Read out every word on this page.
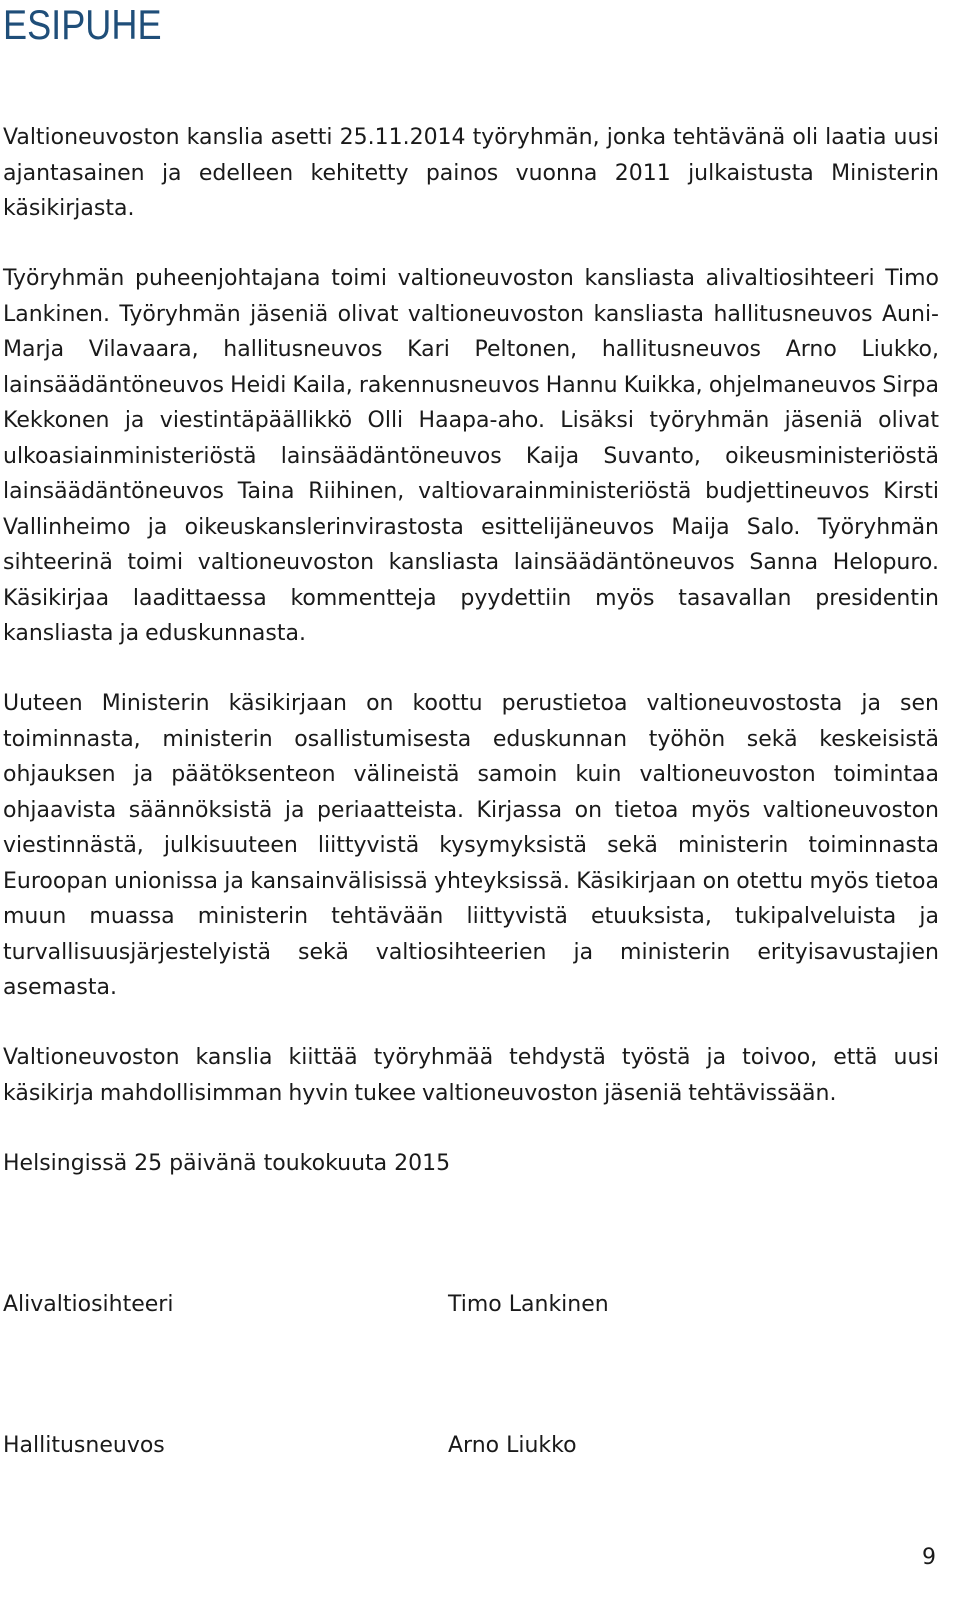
ESIPUHE

Valtioneuvoston kanslia asetti 25.11.2014 työryhmän, jonka tehtävänä oli laatia uusi ajantasainen ja edelleen kehitetty painos vuonna 2011 julkaistusta Ministerin käsikirjasta.

Työryhmän puheenjohtajana toimi valtioneuvoston kansliasta alivaltiosihteeri Timo Lankinen. Työryhmän jäseniä olivat valtioneuvoston kansliasta hallitusneuvos Auni-Marja Vilavaara, hallitusneuvos Kari Peltonen, hallitusneuvos Arno Liukko, lainsäädäntöneuvos Heidi Kaila, rakennusneuvos Hannu Kuikka, ohjelmaneuvos Sirpa Kekkonen ja viestintäpäällikkö Olli Haapa-aho. Lisäksi työryhmän jäseniä olivat ulkoasiainministeriöstä lainsäädäntöneuvos Kaija Suvanto, oikeusministeriöstä lainsäädäntöneuvos Taina Riihinen, valtiovarainministeriöstä budjettineuvos Kirsti Vallinheimo ja oikeuskanslerinvirastosta esittelijäneuvos Maija Salo. Työryhmän sihteerinä toimi valtioneuvoston kansliasta lainsäädäntöneuvos Sanna Helopuro. Käsikirjaa laadittaessa kommentteja pyydettiin myös tasavallan presidentin kansliasta ja eduskunnasta.

Uuteen Ministerin käsikirjaan on koottu perustietoa valtioneuvostosta ja sen toiminnasta, ministerin osallistumisesta eduskunnan työhön sekä keskeisistä ohjauksen ja päätöksenteon välineistä samoin kuin valtioneuvoston toimintaa ohjaavista säännöksistä ja periaatteista. Kirjassa on tietoa myös valtioneuvoston viestinnästä, julkisuuteen liittyvistä kysymyksistä sekä ministerin toiminnasta Euroopan unionissa ja kansainvälisissä yhteyksissä. Käsikirjaan on otettu myös tietoa muun muassa ministerin tehtävään liittyvistä etuuksista, tukipalveluista ja turvallisuusjärjestelyistä sekä valtiosihteerien ja ministerin erityisavustajien asemasta.

Valtioneuvoston kanslia kiittää työryhmää tehdystä työstä ja toivoo, että uusi käsikirja mahdollisimman hyvin tukee valtioneuvoston jäseniä tehtävissään.

Helsingissä 25 päivänä toukokuuta 2015

Alivaltiosihteeri	Timo Lankinen

Hallitusneuvos	Arno Liukko

9
